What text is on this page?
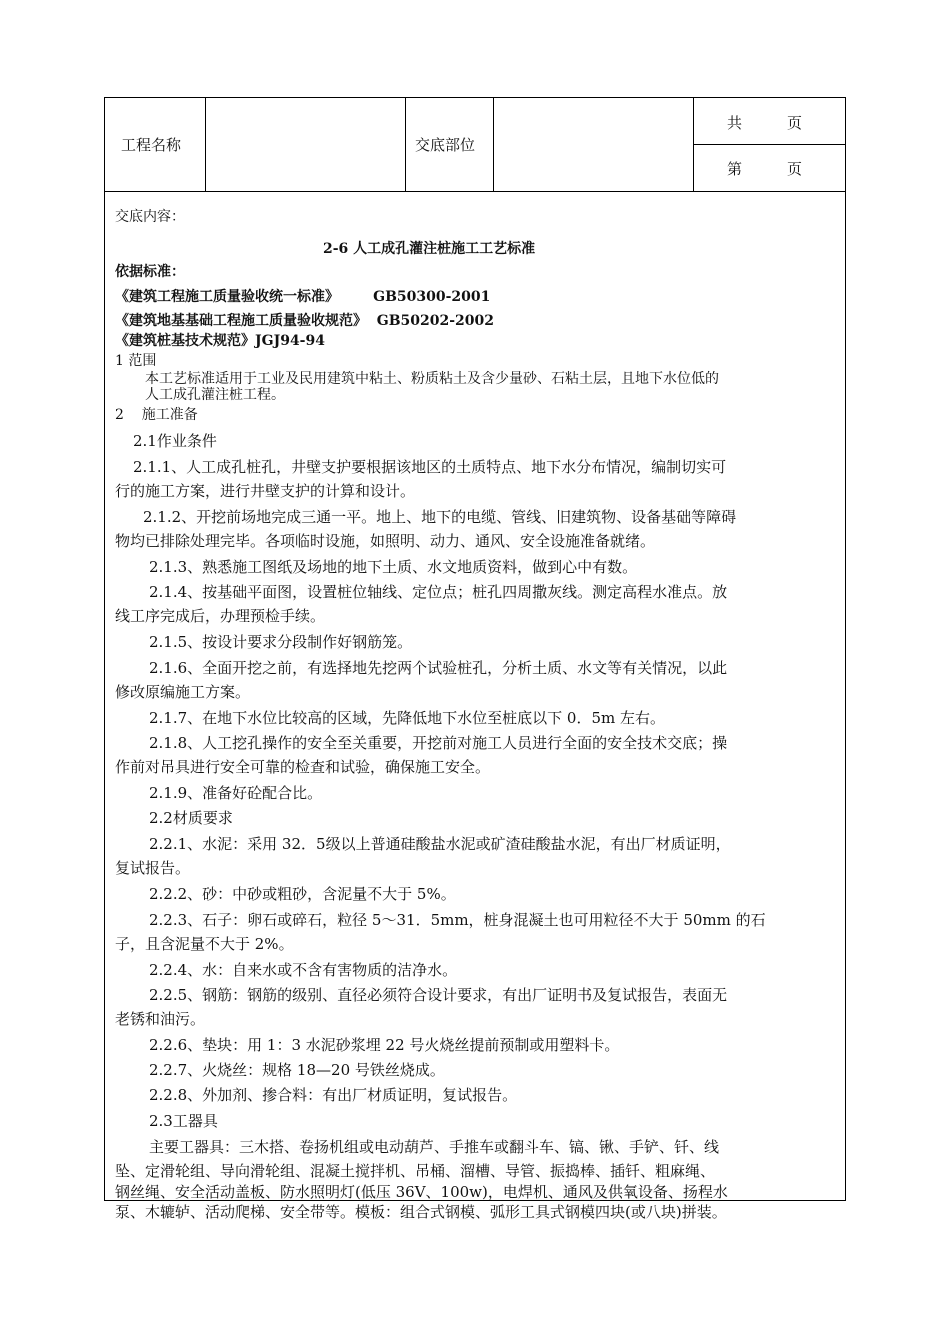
工程名称	交底部位
共　　　页
第　　　页
交底内容：
2-6 人工成孔灌注桩施工工艺标准
依据标准：
《建筑工程施工质量验收统一标准》       GB50300-2001
《建筑地基基础工程施工质量验收规范》  GB50202-2002
《建筑桩基技术规范》JGJ94-94
1 范围
本工艺标准适用于工业及民用建筑中粘土、粉质粘土及含少量砂、石粘土层，且地下水位低的
人工成孔灌注桩工程。
2    施工准备
2.1作业条件
2.1.1、人工成孔桩孔，井壁支护要根据该地区的土质特点、地下水分布情况，编制切实可
行的施工方案，进行井壁支护的计算和设计。
2.1.2、开挖前场地完成三通一平。地上、地下的电缆、管线、旧建筑物、设备基础等障碍
物均已排除处理完毕。各项临时设施，如照明、动力、通风、安全设施准备就绪。
2.1.3、熟悉施工图纸及场地的地下土质、水文地质资料，做到心中有数。
2.1.4、按基础平面图，设置桩位轴线、定位点；桩孔四周撒灰线。测定高程水准点。放
线工序完成后，办理预检手续。
2.1.5、按设计要求分段制作好钢筋笼。
2.1.6、全面开挖之前，有选择地先挖两个试验桩孔，分析土质、水文等有关情况，以此
修改原编施工方案。
2.1.7、在地下水位比较高的区域，先降低地下水位至桩底以下 0．5m 左右。
2.1.8、人工挖孔操作的安全至关重要，开挖前对施工人员进行全面的安全技术交底；操
作前对吊具进行安全可靠的检查和试验，确保施工安全。
2.1.9、准备好砼配合比。
2.2材质要求
2.2.1、水泥：采用 32．5级以上普通硅酸盐水泥或矿渣硅酸盐水泥，有出厂材质证明，
复试报告。
2.2.2、砂：中砂或粗砂，含泥量不大于 5%。
2.2.3、石子：卵石或碎石，粒径 5～31．5mm，桩身混凝土也可用粒径不大于 50mm 的石
子，且含泥量不大于 2%。
2.2.4、水：自来水或不含有害物质的洁净水。
2.2.5、钢筋：钢筋的级别、直径必须符合设计要求，有出厂证明书及复试报告，表面无
老锈和油污。
2.2.6、垫块：用 1：3 水泥砂浆埋 22 号火烧丝提前预制或用塑料卡。
2.2.7、火烧丝：规格 18—20 号铁丝烧成。
2.2.8、外加剂、掺合料：有出厂材质证明，复试报告。
2.3工器具
主要工器具：三木搭、卷扬机组或电动葫芦、手推车或翻斗车、镐、锹、手铲、钎、线
坠、定滑轮组、导向滑轮组、混凝土搅拌机、吊桶、溜槽、导管、振捣棒、插钎、粗麻绳、
钢丝绳、安全活动盖板、防水照明灯(低压 36V、100w)，电焊机、通风及供氧设备、扬程水
泵、木辘轳、活动爬梯、安全带等。模板：组合式钢模、弧形工具式钢模四块(或八块)拼装。
